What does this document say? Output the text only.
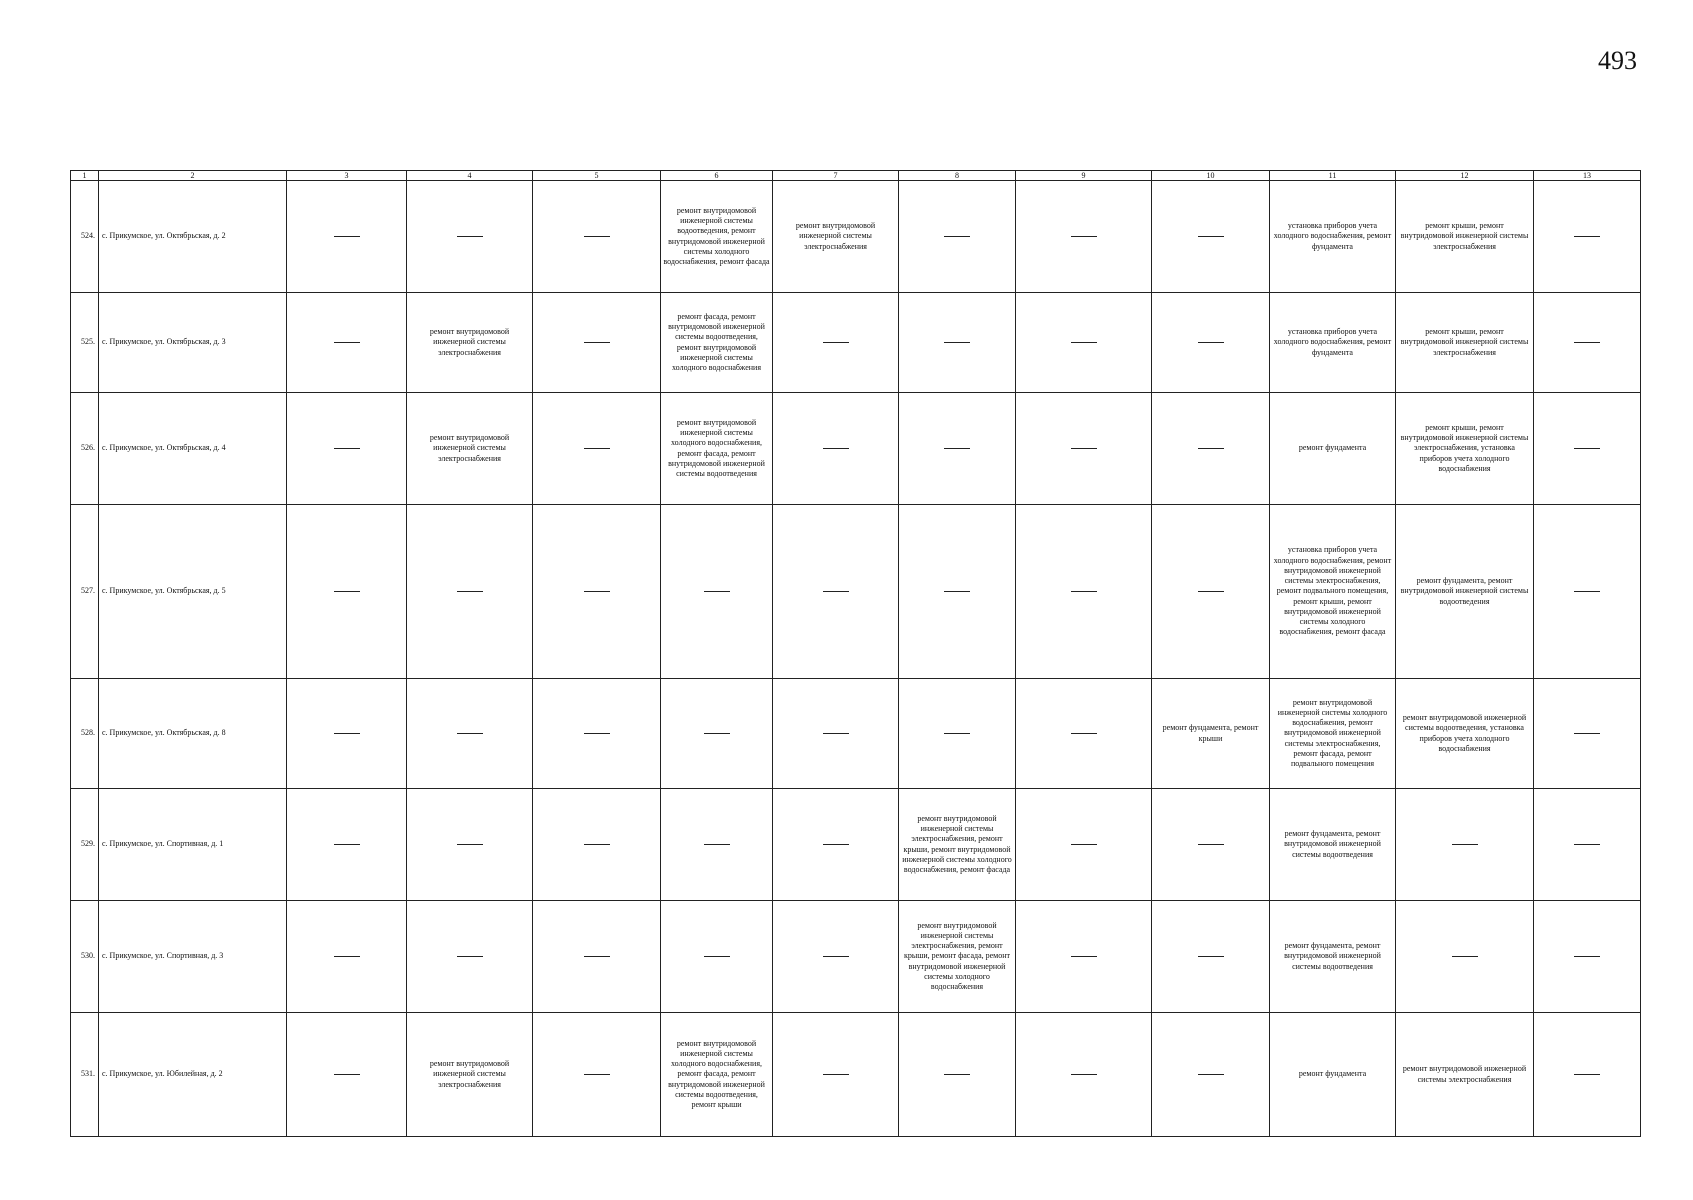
493
1	2	3	4	5	6	7	8	9	10	11	12	13
524.	с. Прикумское, ул. Октябрьская, д. 2				ремонт внутридомовой инженерной системы водоотведения, ремонт внутридомовой инженерной системы холодного водоснабжения, ремонт фасада	ремонт внутридомовой инженерной системы электроснабжения				установка приборов учета холодного водоснабжения, ремонт фундамента	ремонт крыши, ремонт внутридомовой инженерной системы электроснабжения	
525.	с. Прикумское, ул. Октябрьская, д. 3		ремонт внутридомовой инженерной системы электроснабжения		ремонт фасада, ремонт внутридомовой инженерной системы водоотведения, ремонт внутридомовой инженерной системы холодного водоснабжения					установка приборов учета холодного водоснабжения, ремонт фундамента	ремонт крыши, ремонт внутридомовой инженерной системы электроснабжения	
526.	с. Прикумское, ул. Октябрьская, д. 4		ремонт внутридомовой инженерной системы электроснабжения		ремонт внутридомовой инженерной системы холодного водоснабжения, ремонт фасада, ремонт внутридомовой инженерной системы водоотведения					ремонт фундамента	ремонт крыши, ремонт внутридомовой инженерной системы электроснабжения, установка приборов учета холодного водоснабжения	
527.	с. Прикумское, ул. Октябрьская, д. 5									установка приборов учета холодного водоснабжения, ремонт внутридомовой инженерной системы электроснабжения, ремонт подвального помещения, ремонт крыши, ремонт внутридомовой инженерной системы холодного водоснабжения, ремонт фасада	ремонт фундамента, ремонт внутридомовой инженерной системы водоотведения	
528.	с. Прикумское, ул. Октябрьская, д. 8								ремонт фундамента, ремонт крыши	ремонт внутридомовой инженерной системы холодного водоснабжения, ремонт внутридомовой инженерной системы электроснабжения, ремонт фасада, ремонт подвального помещения	ремонт внутридомовой инженерной системы водоотведения, установка приборов учета холодного водоснабжения	
529.	с. Прикумское, ул. Спортивная, д. 1						ремонт внутридомовой инженерной системы электроснабжения, ремонт крыши, ремонт внутридомовой инженерной системы холодного водоснабжения, ремонт фасада			ремонт фундамента, ремонт внутридомовой инженерной системы водоотведения		
530.	с. Прикумское, ул. Спортивная, д. 3						ремонт внутридомовой инженерной системы электроснабжения, ремонт крыши, ремонт фасада, ремонт внутридомовой инженерной системы холодного водоснабжения			ремонт фундамента, ремонт внутридомовой инженерной системы водоотведения		
531.	с. Прикумское, ул. Юбилейная, д. 2		ремонт внутридомовой инженерной системы электроснабжения		ремонт внутридомовой инженерной системы холодного водоснабжения, ремонт фасада, ремонт внутридомовой инженерной системы водоотведения, ремонт крыши					ремонт фундамента	ремонт внутридомовой инженерной системы электроснабжения	
